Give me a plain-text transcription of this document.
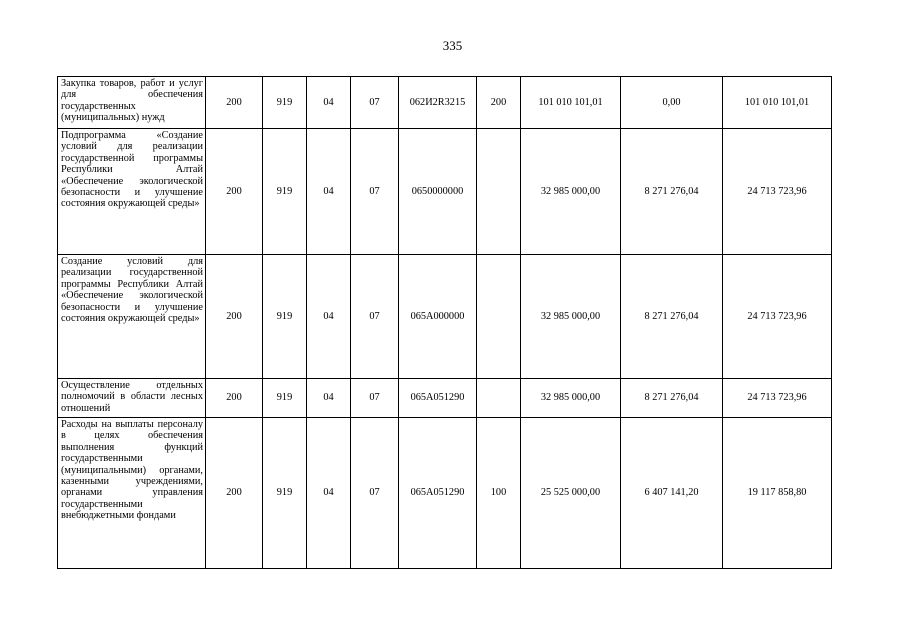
335
Закупка товаров, работ и услуг для обеспечения государственных (муниципальных) нужд	200	919	04	07	062И2R3215	200	101 010 101,01	0,00	101 010 101,01
Подпрограмма «Создание условий для реализации государственной программы Республики Алтай «Обеспечение экологической безопасности и улучшение состояния окружающей среды»	200	919	04	07	0650000000		32 985 000,00	8 271 276,04	24 713 723,96
Создание условий для реализации государственной программы Республики Алтай «Обеспечение экологической безопасности и улучшение состояния окружающей среды»	200	919	04	07	065А000000		32 985 000,00	8 271 276,04	24 713 723,96
Осуществление отдельных полномочий в области лесных отношений	200	919	04	07	065А051290		32 985 000,00	8 271 276,04	24 713 723,96
Расходы на выплаты персоналу в целях обеспечения выполнения функций государственными (муниципальными) органами, казенными учреждениями, органами управления государственными внебюджетными фондами	200	919	04	07	065А051290	100	25 525 000,00	6 407 141,20	19 117 858,80
